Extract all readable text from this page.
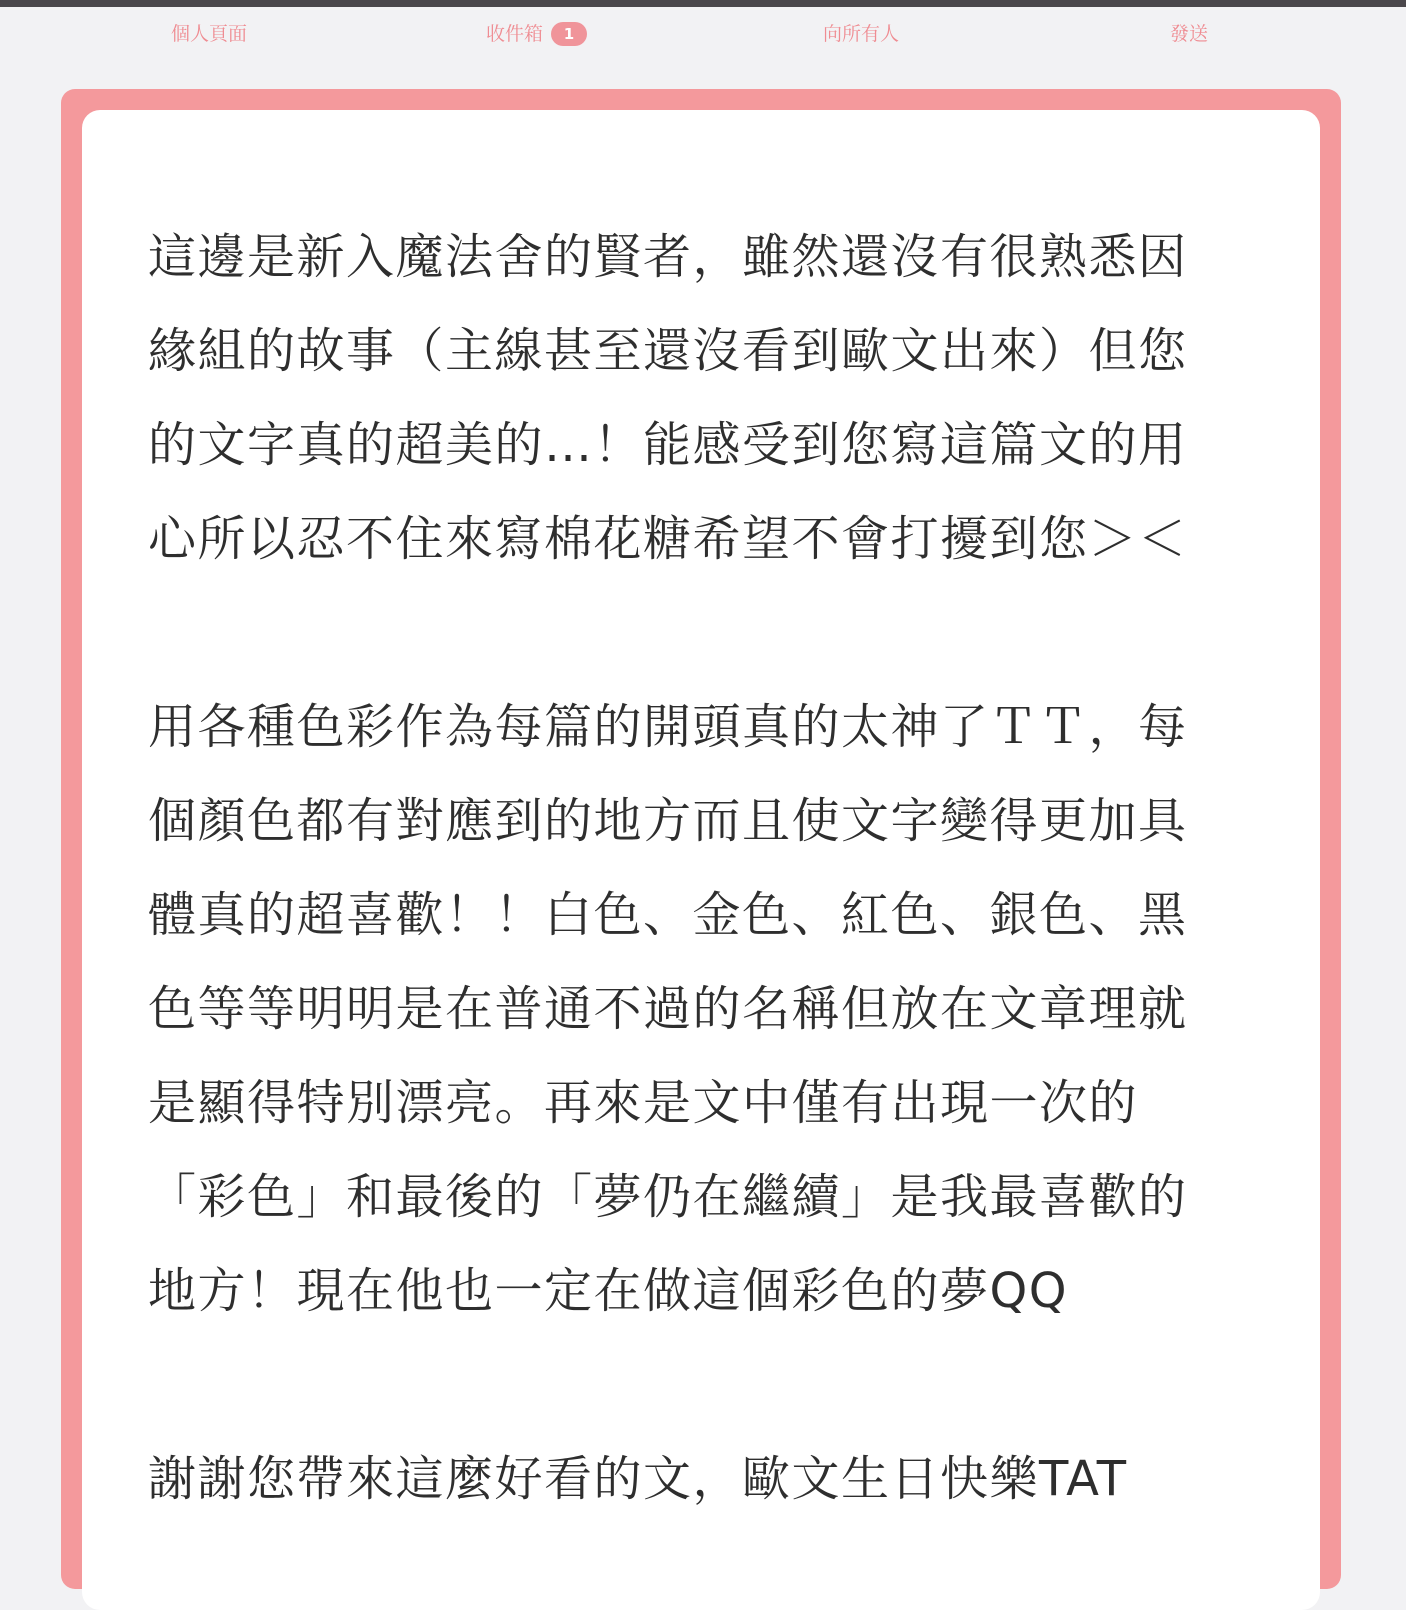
個人頁面	收件箱	1	向所有人	發送

這邊是新入魔法舍的賢者，雖然還沒有很熟悉因

緣組的故事（主線甚至還沒看到歐文出來）但您

的文字真的超美的…！能感受到您寫這篇文的用

心所以忍不住來寫棉花糖希望不會打擾到您＞＜

用各種色彩作為每篇的開頭真的太神了ＴＴ，每

個顏色都有對應到的地方而且使文字變得更加具

體真的超喜歡！！白色、金色、紅色、銀色、黑

色等等明明是在普通不過的名稱但放在文章理就

是顯得特別漂亮。再來是文中僅有出現一次的

「彩色」和最後的「夢仍在繼續」是我最喜歡的

地方！現在他也一定在做這個彩色的夢QQ

謝謝您帶來這麼好看的文，歐文生日快樂TAT
